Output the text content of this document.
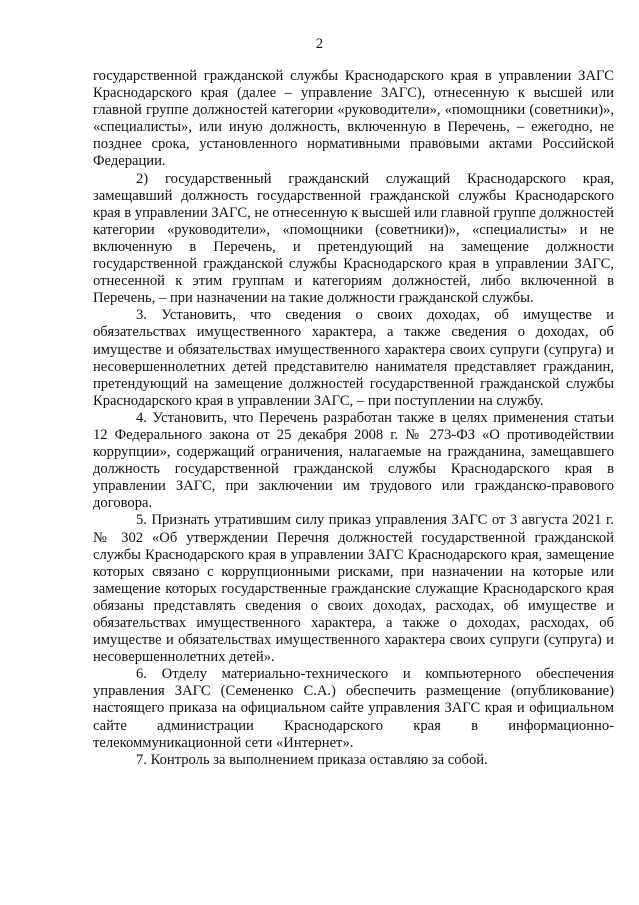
2

государственной гражданской службы Краснодарского края в управлении ЗАГС Краснодарского края (далее – управление ЗАГС), отнесенную к высшей или главной группе должностей категории «руководители», «помощники (советники)», «специалисты», или иную должность, включенную в Перечень, – ежегодно, не позднее срока, установленного нормативными правовыми актами Российской Федерации.

2) государственный гражданский служащий Краснодарского края, замещавший должность государственной гражданской службы Краснодарского края в управлении ЗАГС, не отнесенную к высшей или главной группе должностей категории «руководители», «помощники (советники)», «специалисты» и не включенную в Перечень, и претендующий на замещение должности государственной гражданской службы Краснодарского края в управлении ЗАГС, отнесенной к этим группам и категориям должностей, либо включенной в Перечень, – при назначении на такие должности гражданской службы.

3. Установить, что сведения о своих доходах, об имуществе и обязательствах имущественного характера, а также сведения о доходах, об имуществе и обязательствах имущественного характера своих супруги (супруга) и несовершеннолетних детей представителю нанимателя представляет гражданин, претендующий на замещение должностей государственной гражданской службы Краснодарского края в управлении ЗАГС, – при поступлении на службу.

4. Установить, что Перечень разработан также в целях применения статьи 12 Федерального закона от 25 декабря 2008 г. № 273-ФЗ «О противодействии коррупции», содержащий ограничения, налагаемые на гражданина, замещавшего должность государственной гражданской службы Краснодарского края в управлении ЗАГС, при заключении им трудового или гражданско-правового договора.

5. Признать утратившим силу приказ управления ЗАГС от 3 августа 2021 г. № 302 «Об утверждении Перечня должностей государственной гражданской службы Краснодарского края в управлении ЗАГС Краснодарского края, замещение которых связано с коррупционными рисками, при назначении на которые или замещение которых государственные гражданские служащие Краснодарского края обязаны представлять сведения о своих доходах, расходах, об имуществе и обязательствах имущественного характера, а также о доходах, расходах, об имуществе и обязательствах имущественного характера своих супруги (супруга) и несовершеннолетних детей».

6. Отделу материально-технического и компьютерного обеспечения управления ЗАГС (Семененко С.А.) обеспечить размещение (опубликование) настоящего приказа на официальном сайте управления ЗАГС края и официальном сайте администрации Краснодарского края в информационно-телекоммуникационной сети «Интернет».

7. Контроль за выполнением приказа оставляю за собой.
